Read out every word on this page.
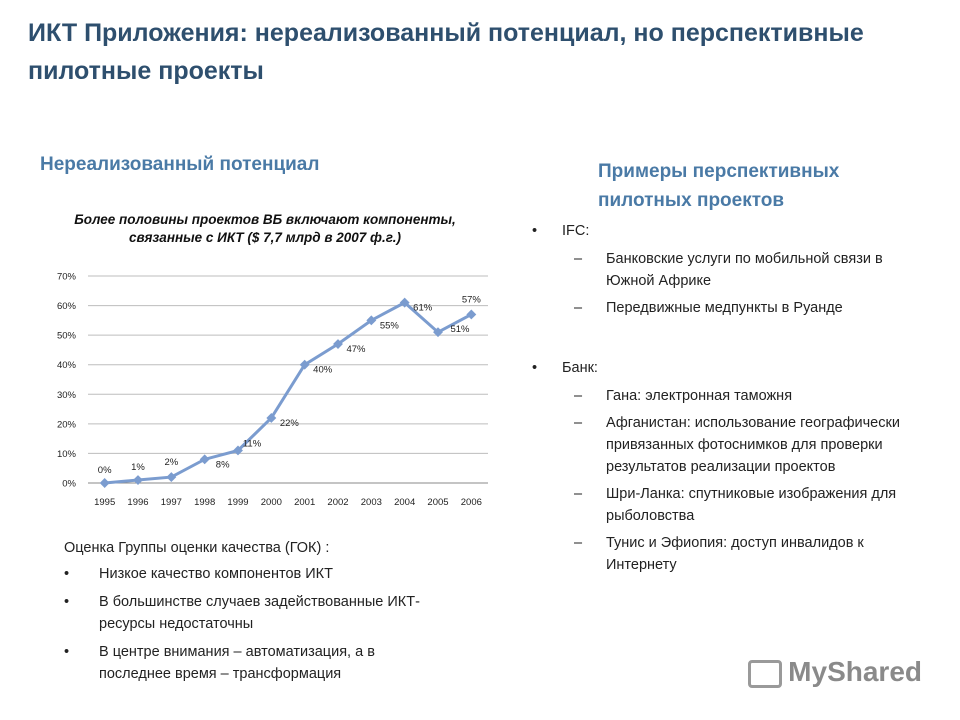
ИКТ Приложения: нереализованный потенциал, но перспективные пилотные проекты
Нереализованный потенциал	Примеры перспективных пилотных проектов
Более половины проектов ВБ включают компоненты, связанные с ИКТ ($ 7,7 млрд в 2007 ф.г.)
0%
10%
20%
30%
40%
50%
60%
70%
1995 1996 1997 1998 1999 2000 2001 2002 2003 2004 2005 2006
0% 1% 2%	8%
11%
22%
40%
47%
55%
61%
51%
57%
Оценка Группы оценки качества (ГОК) :
• Низкое качество компонентов ИКТ
• В большинстве случаев задействованные ИКТ-ресурсы недостаточны
• В центре внимания – автоматизация, а в последнее время – трансформация
• IFC:
– Банковские услуги по мобильной связи в Южной Африке
– Передвижные медпункты в Руанде
• Банк:
– Гана: электронная таможня
– Афганистан: использование географически привязанных фотоснимков для проверки результатов реализации проектов
– Шри-Ланка: спутниковые изображения для рыболовства
– Тунис и Эфиопия: доступ инвалидов к Интернету
MyShared
